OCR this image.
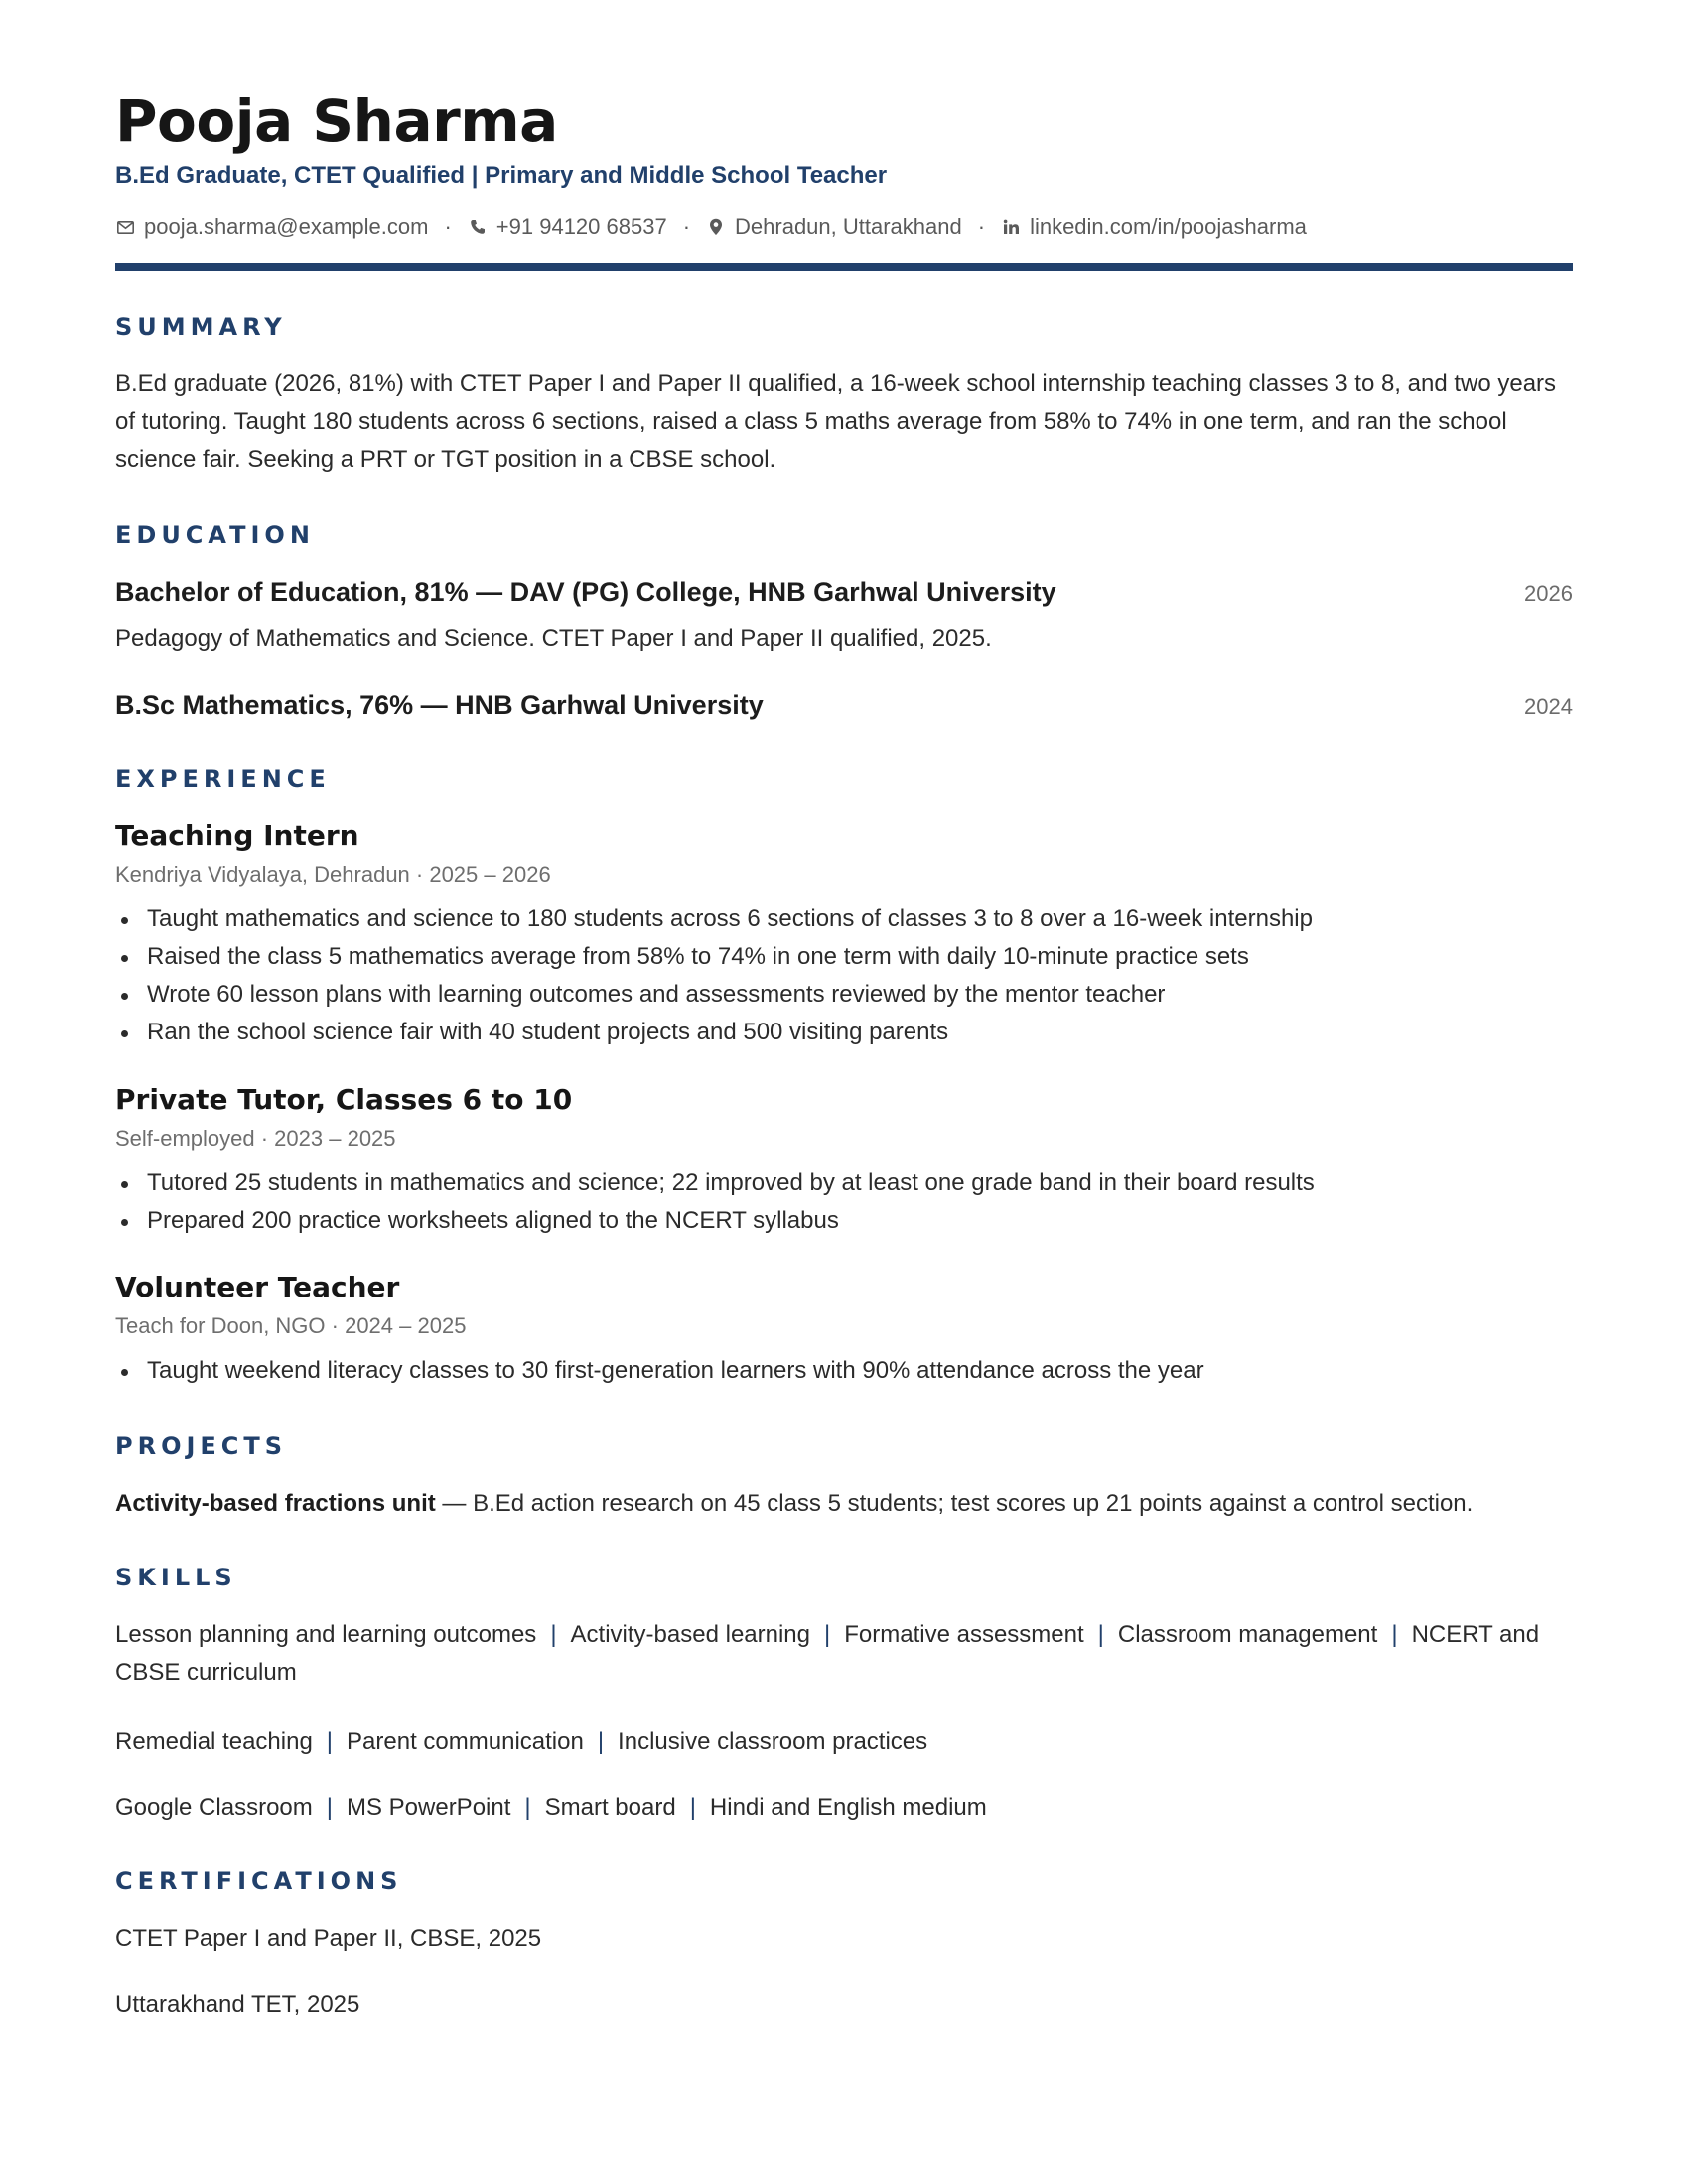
Pooja Sharma
B.Ed Graduate, CTET Qualified | Primary and Middle School Teacher
pooja.sharma@example.com · +91 94120 68537 · Dehradun, Uttarakhand · linkedin.com/in/poojasharma
SUMMARY

B.Ed graduate (2026, 81%) with CTET Paper I and Paper II qualified, a 16-week school internship teaching classes 3 to 8, and two years of tutoring. Taught 180 students across 6 sections, raised a class 5 maths average from 58% to 74% in one term, and ran the school science fair. Seeking a PRT or TGT position in a CBSE school.

EDUCATION
Bachelor of Education, 81% — DAV (PG) College, HNB Garhwal University	2026

Pedagogy of Mathematics and Science. CTET Paper I and Paper II qualified, 2025.

B.Sc Mathematics, 76% — HNB Garhwal University	2024
EXPERIENCE
Teaching Intern
Kendriya Vidyalaya, Dehradun · 2025 – 2026
Taught mathematics and science to 180 students across 6 sections of classes 3 to 8 over a 16-week internship
Raised the class 5 mathematics average from 58% to 74% in one term with daily 10-minute practice sets
Wrote 60 lesson plans with learning outcomes and assessments reviewed by the mentor teacher
Ran the school science fair with 40 student projects and 500 visiting parents
Private Tutor, Classes 6 to 10
Self-employed · 2023 – 2025
Tutored 25 students in mathematics and science; 22 improved by at least one grade band in their board results
Prepared 200 practice worksheets aligned to the NCERT syllabus
Volunteer Teacher
Teach for Doon, NGO · 2024 – 2025
Taught weekend literacy classes to 30 first-generation learners with 90% attendance across the year
PROJECTS

Activity-based fractions unit — B.Ed action research on 45 class 5 students; test scores up 21 points against a control section.

SKILLS
Lesson planning and learning outcomes | Activity-based learning | Formative assessment | Classroom management | NCERT and CBSE curriculum
Remedial teaching | Parent communication | Inclusive classroom practices
Google Classroom | MS PowerPoint | Smart board | Hindi and English medium
CERTIFICATIONS
CTET Paper I and Paper II, CBSE, 2025
Uttarakhand TET, 2025
